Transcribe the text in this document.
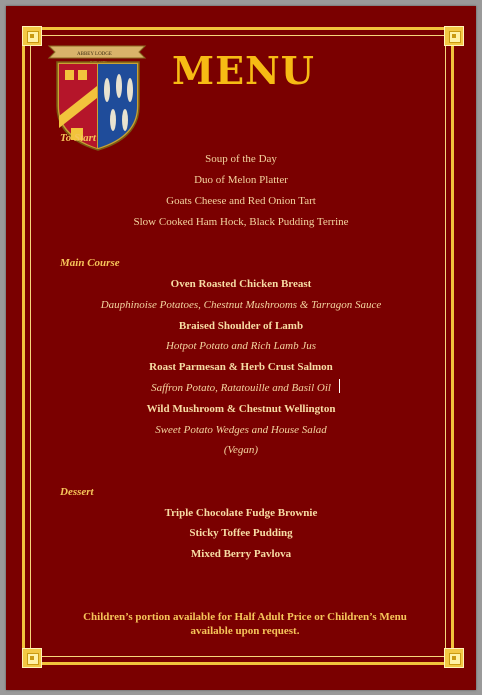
ABBEY LODGE MENU
To Start
Soup of the Day
Duo of Melon Platter
Goats Cheese and Red Onion Tart
Slow Cooked Ham Hock, Black Pudding Terrine
Main Course
Oven Roasted Chicken Breast
Dauphinoise Potatoes, Chestnut Mushrooms & Tarragon Sauce
Braised Shoulder of Lamb
Hotpot Potato and Rich Lamb Jus
Roast Parmesan & Herb Crust Salmon
Saffron Potato, Ratatouille and Basil Oil
Wild Mushroom & Chestnut Wellington
Sweet Potato Wedges and House Salad
(Vegan)
Dessert
Triple Chocolate Fudge Brownie
Sticky Toffee Pudding
Mixed Berry Pavlova
Children’s portion available for Half Adult Price or Children’s Menu
available upon request.
